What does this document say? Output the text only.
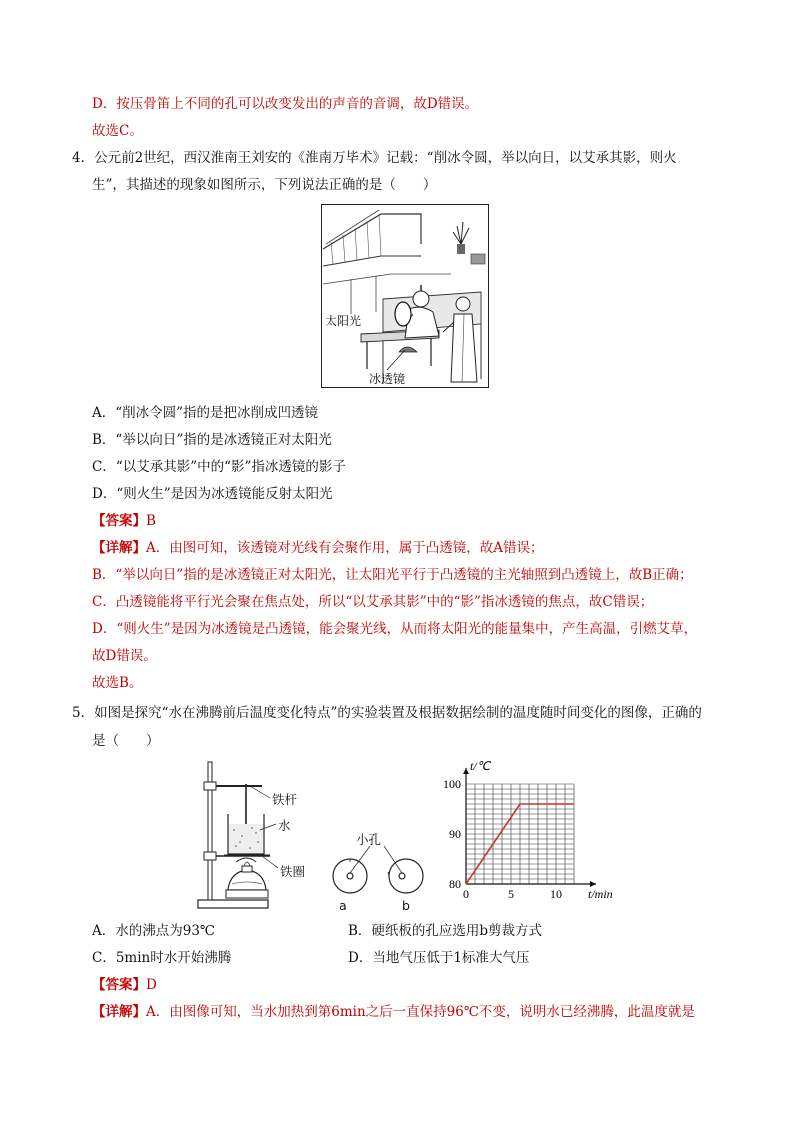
D．按压骨笛上不同的孔可以改变发出的声音的音调，故D错误。
故选C。
4．公元前2世纪，西汉淮南王刘安的《淮南万毕术》记载：“削冰令圆，举以向日，以艾承其影，则火
生”，其描述的现象如图所示，下列说法正确的是（　　）
太阳光
冰透镜
A．“削冰令圆”指的是把冰削成凹透镜
B．“举以向日”指的是冰透镜正对太阳光
C．“以艾承其影”中的“影”指冰透镜的影子
D．“则火生”是因为冰透镜能反射太阳光
【答案】B
【详解】A．由图可知，该透镜对光线有会聚作用，属于凸透镜，故A错误；
B．“举以向日”指的是冰透镜正对太阳光，让太阳光平行于凸透镜的主光轴照到凸透镜上，故B正确；
C．凸透镜能将平行光会聚在焦点处，所以“以艾承其影”中的“影”指冰透镜的焦点，故C错误；
D．“则火生”是因为冰透镜是凸透镜，能会聚光线，从而将太阳光的能量集中，产生高温，引燃艾草，
故D错误。
故选B。
5．如图是探究“水在沸腾前后温度变化特点”的实验装置及根据数据绘制的温度随时间变化的图像，正确的
是（　　）
铁杆
水
铁圈
小孔
a	b
0	5	10
80
90
100
t/min
t/℃
A．水的沸点为93℃	B．硬纸板的孔应选用b剪裁方式
C．5min时水开始沸腾	D．当地气压低于1标准大气压
【答案】D
【详解】A．由图像可知，当水加热到第6min之后一直保持96℃不变，说明水已经沸腾，此温度就是
